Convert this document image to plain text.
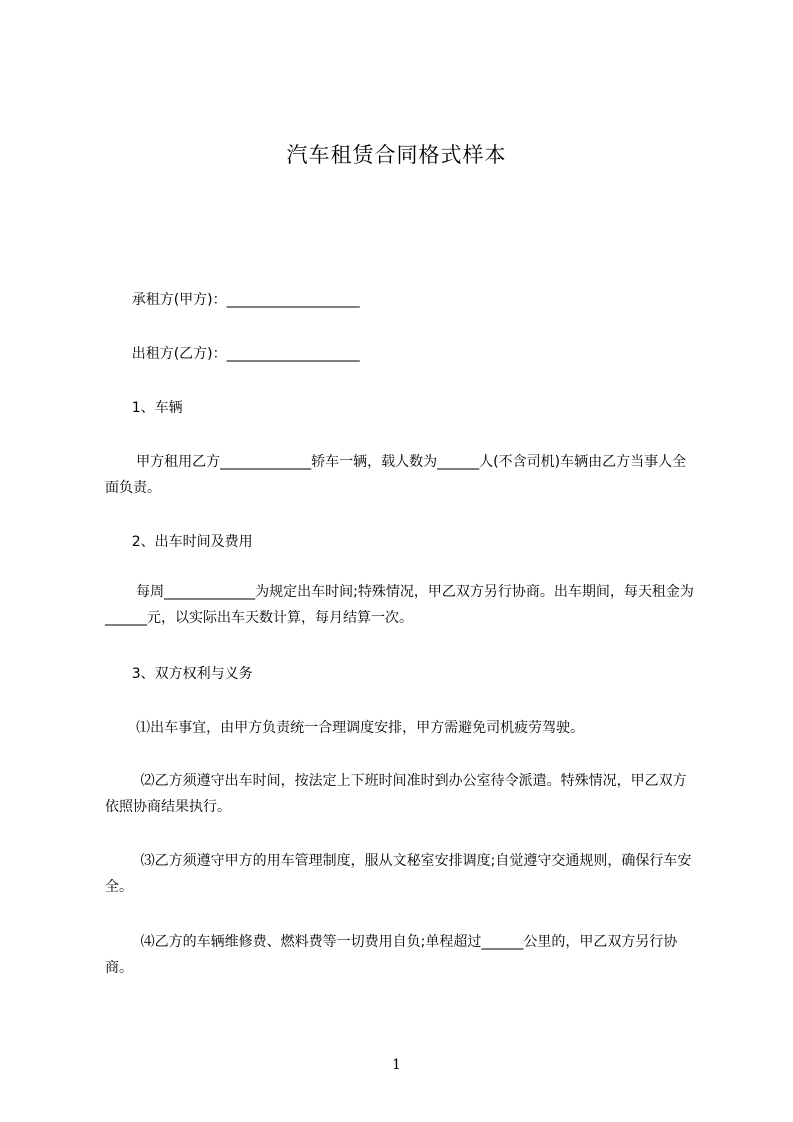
汽车租赁合同格式样本
承租方(甲方)：___________________
出租方(乙方)：___________________
1、车辆
甲方租用乙方_____________轿车一辆，载人数为______人(不含司机)车辆由乙方当事人全面负责。
2、出车时间及费用
每周_____________为规定出车时间;特殊情况，甲乙双方另行协商。出车期间，每天租金为______元，以实际出车天数计算，每月结算一次。
3、双方权利与义务
⑴出车事宜，由甲方负责统一合理调度安排，甲方需避免司机疲劳驾驶。
⑵乙方须遵守出车时间，按法定上下班时间准时到办公室待令派遣。特殊情况，甲乙双方依照协商结果执行。
⑶乙方须遵守甲方的用车管理制度，服从文秘室安排调度;自觉遵守交通规则，确保行车安全。
⑷乙方的车辆维修费、燃料费等一切费用自负;单程超过______公里的，甲乙双方另行协商。
1
